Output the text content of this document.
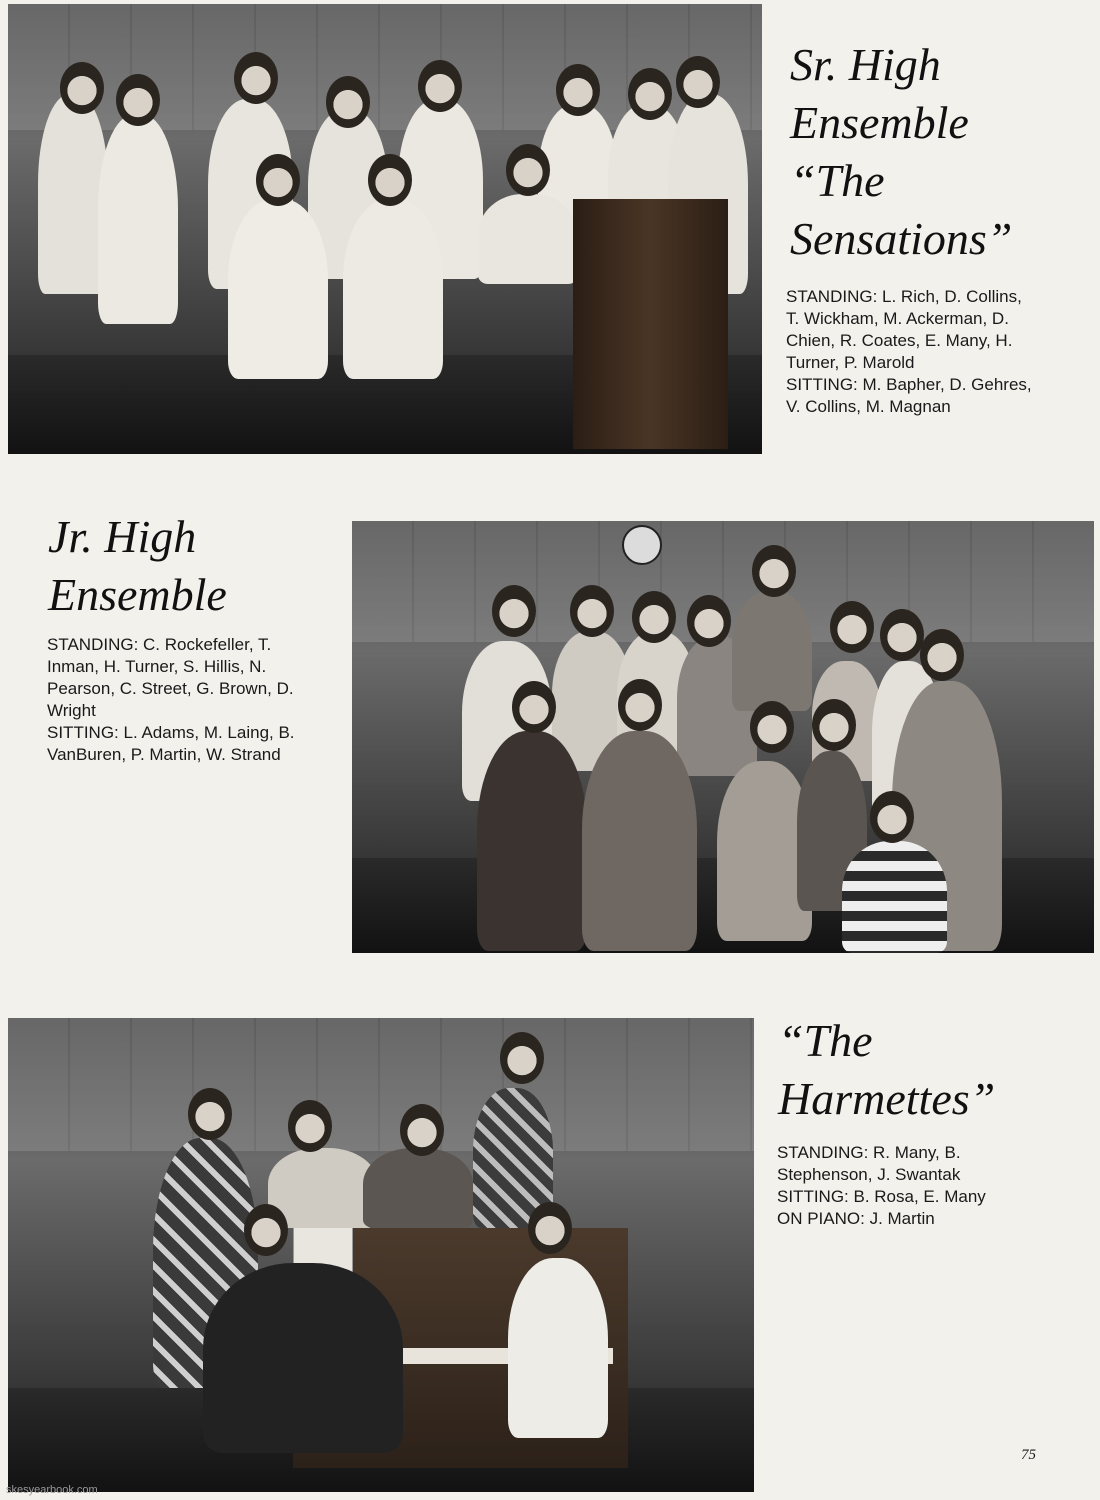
Sr. High
Ensemble
“The
Sensations”

STANDING: L. Rich, D. Collins,
T. Wickham, M. Ackerman, D.
Chien, R. Coates, E. Many, H.
Turner, P. Marold
SITTING: M. Bapher, D. Gehres,
V. Collins, M. Magnan

Jr. High
Ensemble

STANDING: C. Rockefeller, T.
Inman, H. Turner, S. Hillis, N.
Pearson, C. Street, G. Brown, D.
Wright
SITTING: L. Adams, M. Laing, B.
VanBuren, P. Martin, W. Strand

“The
Harmettes”

STANDING: R. Many, B.
Stephenson, J. Swantak
SITTING: B. Rosa, E. Many
ON PIANO: J. Martin

75
skesyearbook.com
